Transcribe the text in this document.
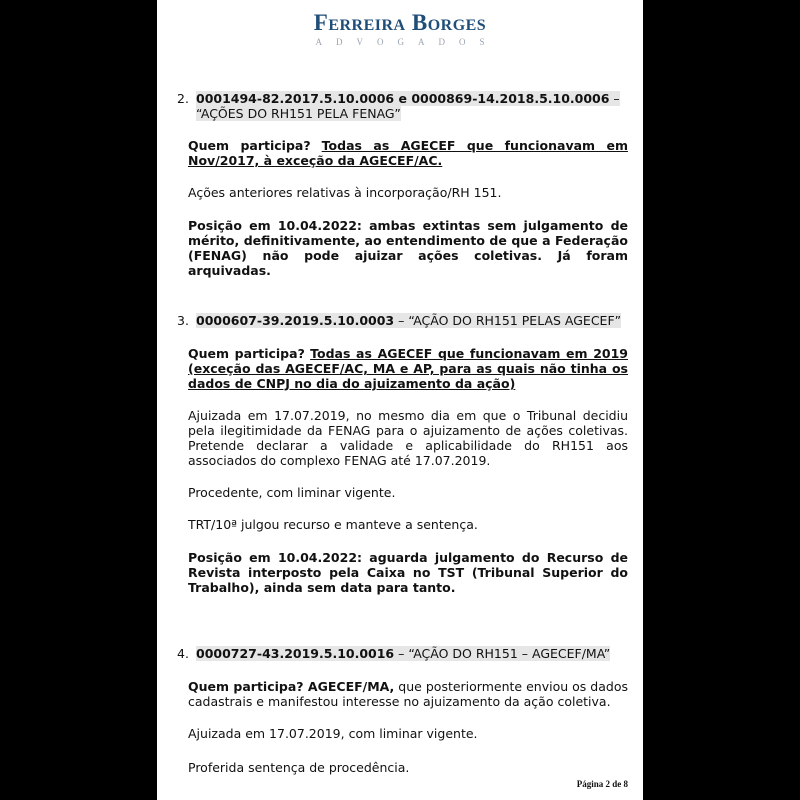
Ferreira Borges
ADVOGADOS
2. 0001494-82.2017.5.10.0006 e 0000869-14.2018.5.10.0006 – “AÇÕES DO RH151 PELA FENAG”
Quem participa? Todas as AGECEF que funcionavam em Nov/2017, à exceção da AGECEF/AC.
Ações anteriores relativas à incorporação/RH 151.
Posição em 10.04.2022: ambas extintas sem julgamento de mérito, definitivamente, ao entendimento de que a Federação (FENAG) não pode ajuizar ações coletivas. Já foram arquivadas.
3. 0000607-39.2019.5.10.0003 – “AÇÃO DO RH151 PELAS AGECEF”
Quem participa? Todas as AGECEF que funcionavam em 2019 (exceção das AGECEF/AC, MA e AP, para as quais não tinha os dados de CNPJ no dia do ajuizamento da ação)
Ajuizada em 17.07.2019, no mesmo dia em que o Tribunal decidiu pela ilegitimidade da FENAG para o ajuizamento de ações coletivas. Pretende declarar a validade e aplicabilidade do RH151 aos associados do complexo FENAG até 17.07.2019.
Procedente, com liminar vigente.
TRT/10ª julgou recurso e manteve a sentença.
Posição em 10.04.2022: aguarda julgamento do Recurso de Revista interposto pela Caixa no TST (Tribunal Superior do Trabalho), ainda sem data para tanto.
4. 0000727-43.2019.5.10.0016 – “AÇÃO DO RH151 – AGECEF/MA”
Quem participa? AGECEF/MA, que posteriormente enviou os dados cadastrais e manifestou interesse no ajuizamento da ação coletiva.
Ajuizada em 17.07.2019, com liminar vigente.
Proferida sentença de procedência.
Página 2 de 8
